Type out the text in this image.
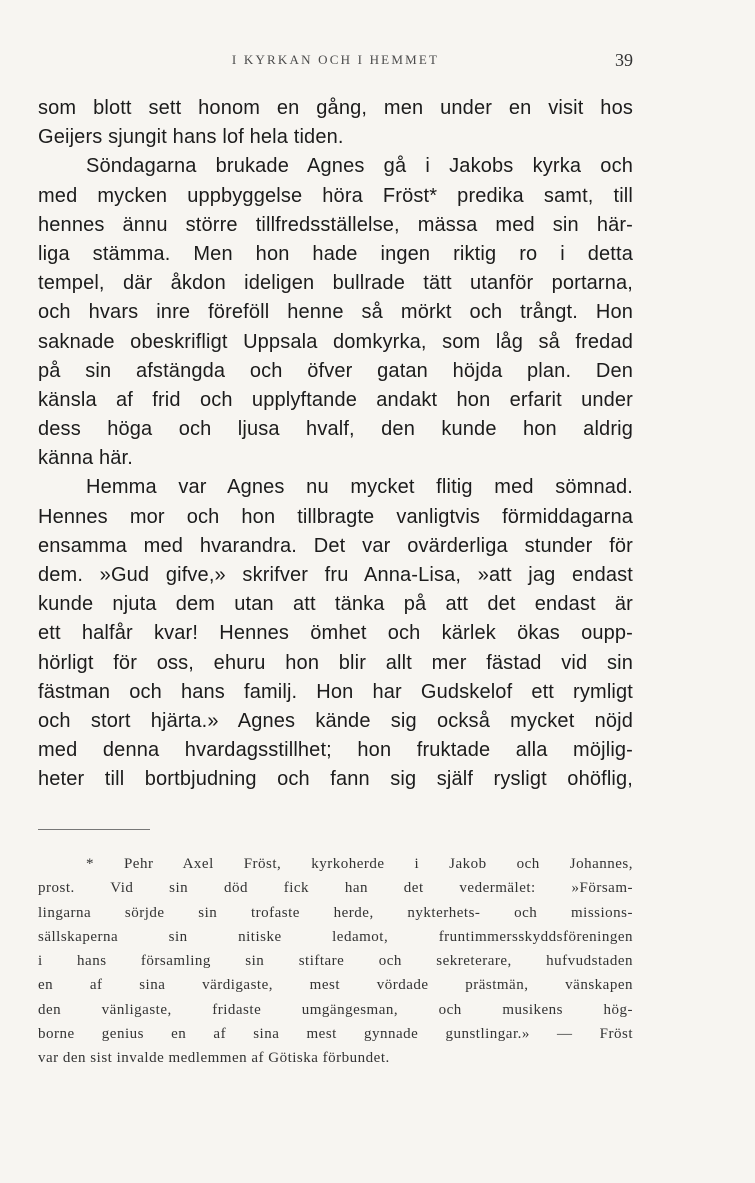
I KYRKAN OCH I HEMMET	39
som blott sett honom en gång, men under en visit hos
Geijers sjungit hans lof hela tiden.
Söndagarna brukade Agnes gå i Jakobs kyrka och
med mycken uppbyggelse höra Fröst* predika samt, till
hennes ännu större tillfredsställelse, mässa med sin här-
liga stämma. Men hon hade ingen riktig ro i detta
tempel, där åkdon ideligen bullrade tätt utanför portarna,
och hvars inre föreföll henne så mörkt och trångt. Hon
saknade obeskrifligt Uppsala domkyrka, som låg så fredad
på sin afstängda och öfver gatan höjda plan. Den
känsla af frid och upplyftande andakt hon erfarit under
dess höga och ljusa hvalf, den kunde hon aldrig
känna här.
Hemma var Agnes nu mycket flitig med sömnad.
Hennes mor och hon tillbragte vanligtvis förmiddagarna
ensamma med hvarandra. Det var ovärderliga stunder för
dem. »Gud gifve,» skrifver fru Anna-Lisa, »att jag endast
kunde njuta dem utan att tänka på att det endast är
ett halfår kvar! Hennes ömhet och kärlek ökas oupp-
hörligt för oss, ehuru hon blir allt mer fästad vid sin
fästman och hans familj. Hon har Gudskelof ett rymligt
och stort hjärta.» Agnes kände sig också mycket nöjd
med denna hvardagsstillhet; hon fruktade alla möjlig-
heter till bortbjudning och fann sig själf rysligt ohöflig,
* Pehr Axel Fröst, kyrkoherde i Jakob och Johannes,
prost. Vid sin död fick han det vedermälet: »Försam-
lingarna sörjde sin trofaste herde, nykterhets- och missions-
sällskaperna sin nitiske ledamot, fruntimmersskyddsföreningen
i hans församling sin stiftare och sekreterare, hufvudstaden
en af sina värdigaste, mest vördade prästmän, vänskapen
den vänligaste, fridaste umgängesman, och musikens hög-
borne genius en af sina mest gynnade gunstlingar.» — Fröst
var den sist invalde medlemmen af Götiska förbundet.
